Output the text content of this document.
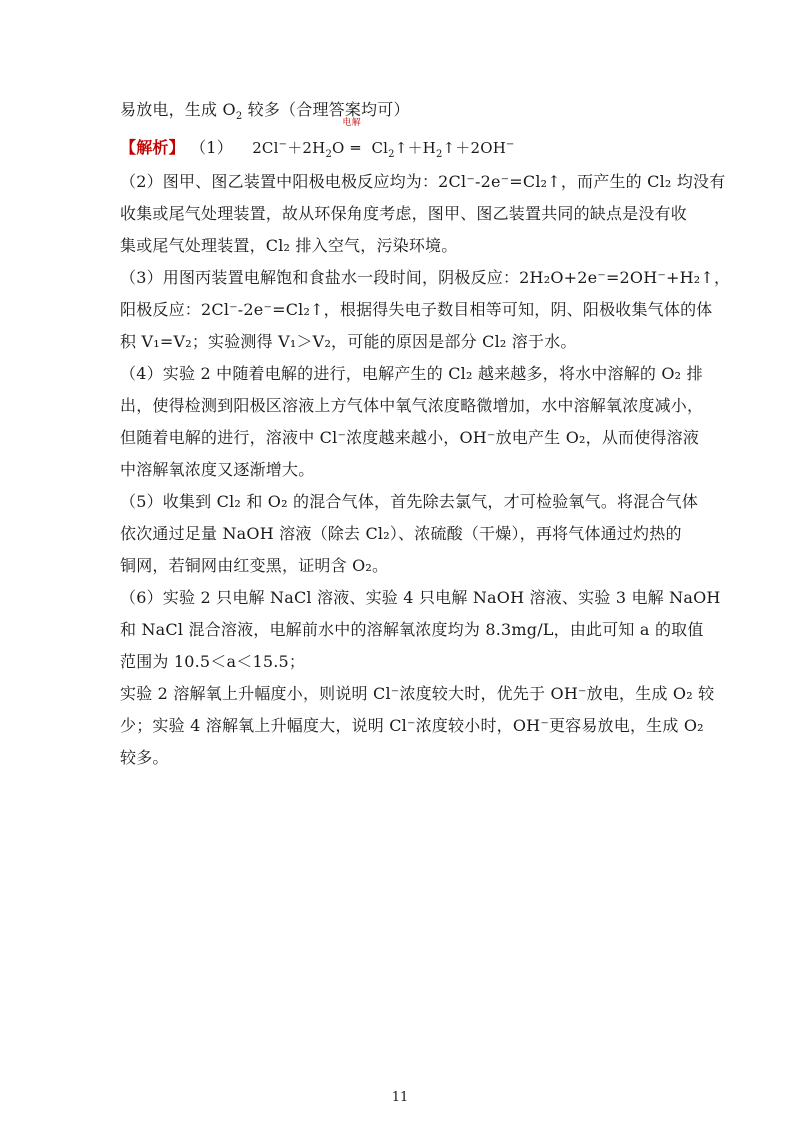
易放电，生成 $O_2$ 较多（合理答案均可）
【解析】 （1） $2Cl^-+2H_2O$
电解
═ $Cl_2↑+H_2↑+2OH^-$
（2）图甲、图乙装置中阳极电极反应均为：2Cl⁻-2e⁻=Cl₂↑，而产生的 Cl₂ 均没有
收集或尾气处理装置，故从环保角度考虑，图甲、图乙装置共同的缺点是没有收
集或尾气处理装置，Cl₂ 排入空气，污染环境。
（3）用图丙装置电解饱和食盐水一段时间，阴极反应：2H₂O+2e⁻=2OH⁻+H₂↑，
阳极反应：2Cl⁻-2e⁻=Cl₂↑，根据得失电子数目相等可知，阴、阳极收集气体的体
积 V₁=V₂；实验测得 V₁＞V₂，可能的原因是部分 Cl₂ 溶于水。
（4）实验 2 中随着电解的进行，电解产生的 Cl₂ 越来越多，将水中溶解的 O₂ 排
出，使得检测到阳极区溶液上方气体中氧气浓度略微增加，水中溶解氧浓度减小，
但随着电解的进行，溶液中 Cl⁻浓度越来越小，OH⁻放电产生 O₂，从而使得溶液
中溶解氧浓度又逐渐增大。
（5）收集到 Cl₂ 和 O₂ 的混合气体，首先除去氯气，才可检验氧气。将混合气体
依次通过足量 NaOH 溶液（除去 Cl₂）、浓硫酸（干燥），再将气体通过灼热的
铜网，若铜网由红变黑，证明含 O₂。
（6）实验 2 只电解 NaCl 溶液、实验 4 只电解 NaOH 溶液、实验 3 电解 NaOH
和 NaCl 混合溶液，电解前水中的溶解氧浓度均为 8.3mg/L，由此可知 a 的取值
范围为 10.5＜a＜15.5；
实验 2 溶解氧上升幅度小，则说明 Cl⁻浓度较大时，优先于 OH⁻放电，生成 O₂ 较
少；实验 4 溶解氧上升幅度大，说明 Cl⁻浓度较小时，OH⁻更容易放电，生成 O₂
较多。
11
